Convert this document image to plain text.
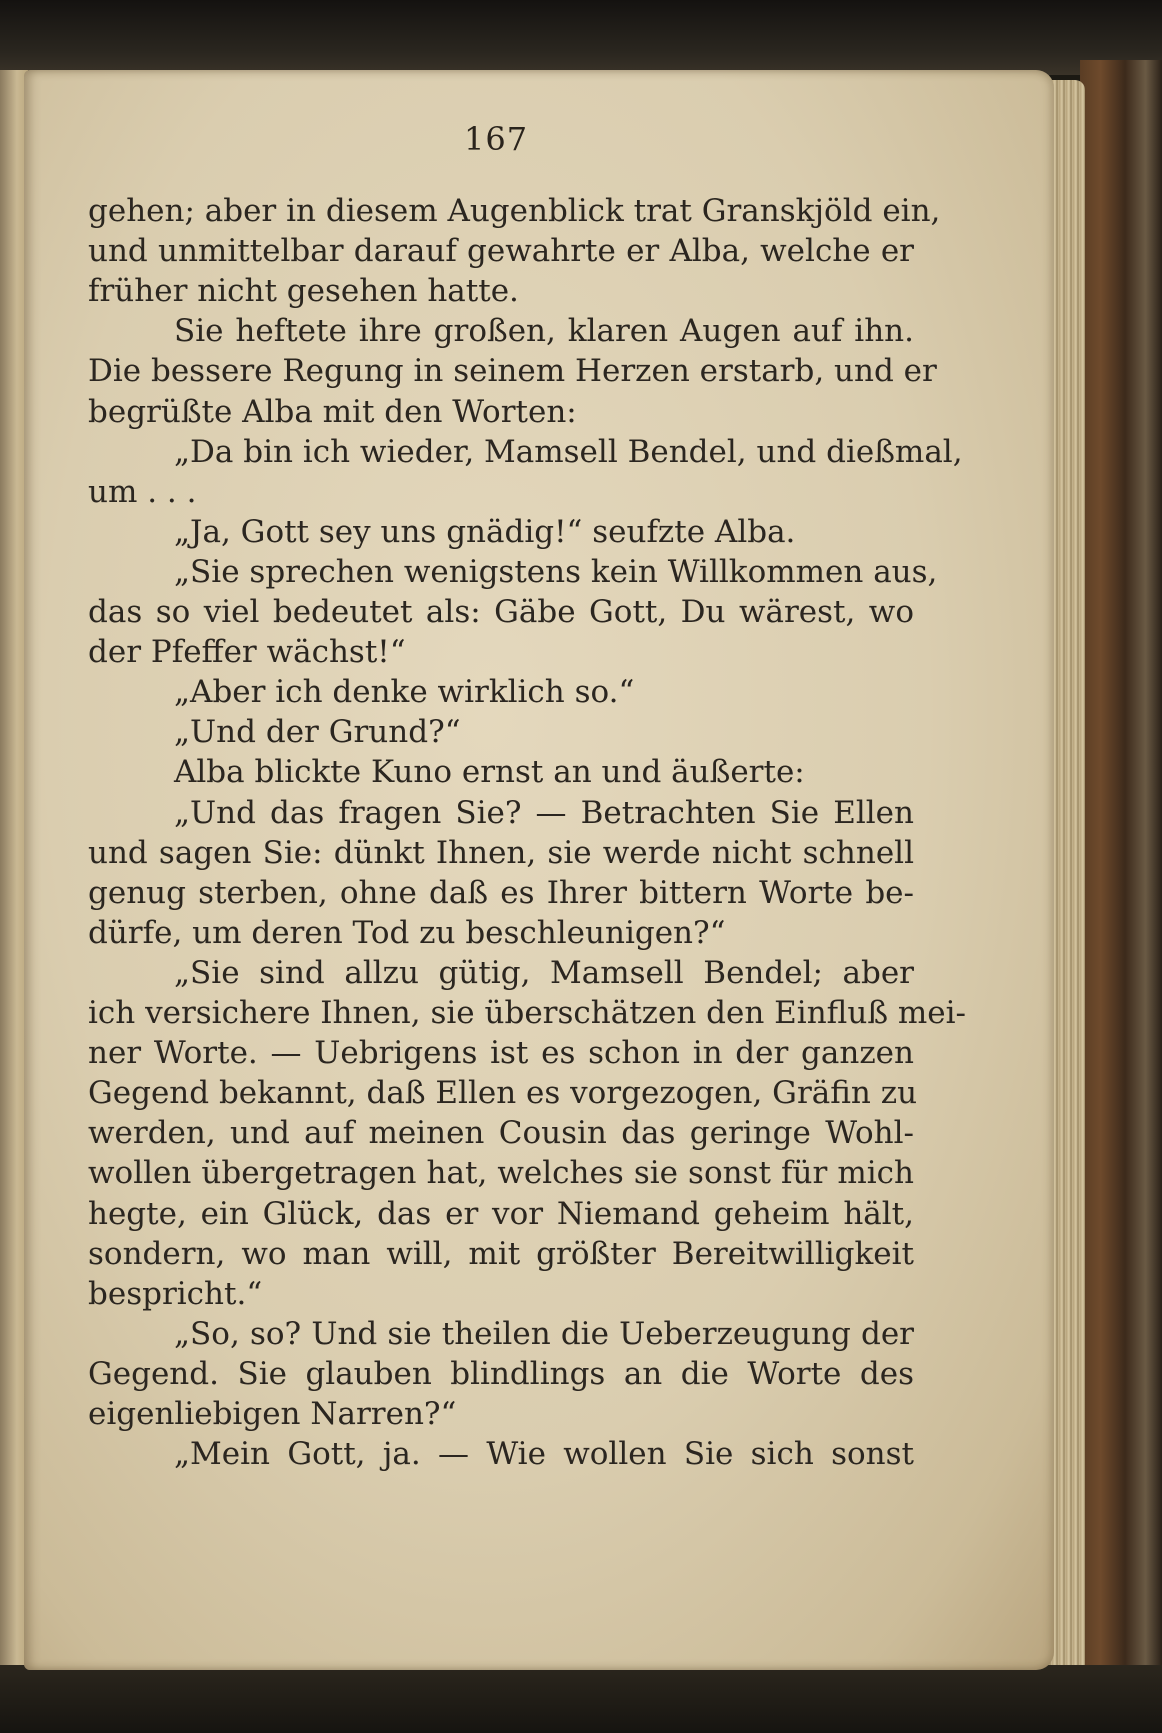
167
gehen; aber in diesem Augenblick trat Granskjöld ein,
und unmittelbar darauf gewahrte er Alba, welche er
früher nicht gesehen hatte.
Sie heftete ihre großen, klaren Augen auf ihn.
Die bessere Regung in seinem Herzen erstarb, und er
begrüßte Alba mit den Worten:
„Da bin ich wieder, Mamsell Bendel, und dießmal,
um . . .
„Ja, Gott sey uns gnädig!“ seufzte Alba.
„Sie sprechen wenigstens kein Willkommen aus,
das so viel bedeutet als: Gäbe Gott, Du wärest, wo
der Pfeffer wächst!“
„Aber ich denke wirklich so.“
„Und der Grund?“
Alba blickte Kuno ernst an und äußerte:
„Und das fragen Sie? — Betrachten Sie Ellen
und sagen Sie: dünkt Ihnen, sie werde nicht schnell
genug sterben, ohne daß es Ihrer bittern Worte be-
dürfe, um deren Tod zu beschleunigen?“
„Sie sind allzu gütig, Mamsell Bendel; aber
ich versichere Ihnen, sie überschätzen den Einfluß mei-
ner Worte. — Uebrigens ist es schon in der ganzen
Gegend bekannt, daß Ellen es vorgezogen, Gräfin zu
werden, und auf meinen Cousin das geringe Wohl-
wollen übergetragen hat, welches sie sonst für mich
hegte, ein Glück, das er vor Niemand geheim hält,
sondern, wo man will, mit größter Bereitwilligkeit
bespricht.“
„So, so? Und sie theilen die Ueberzeugung der
Gegend. Sie glauben blindlings an die Worte des
eigenliebigen Narren?“
„Mein Gott, ja. — Wie wollen Sie sich sonst
